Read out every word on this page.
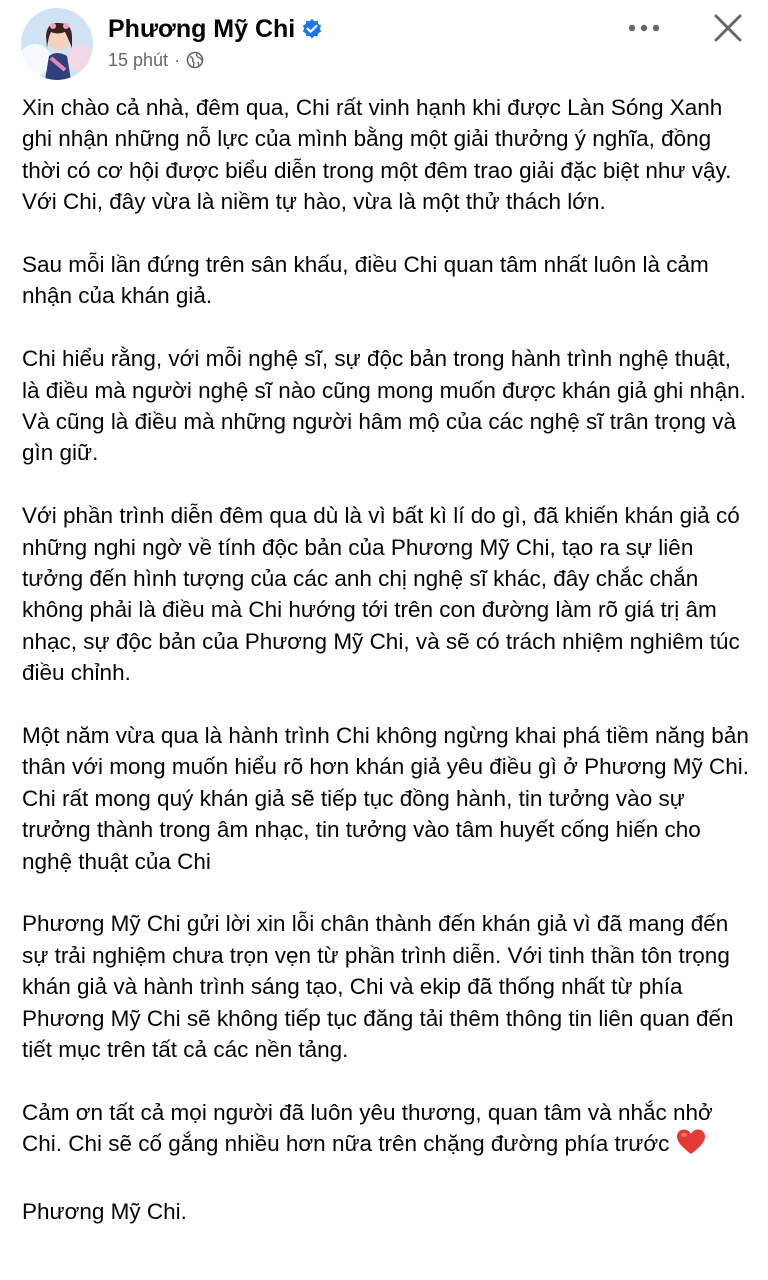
Phương Mỹ Chi
15 phút ·

Xin chào cả nhà, đêm qua, Chi rất vinh hạnh khi được Làn Sóng Xanh ghi nhận những nỗ lực của mình bằng một giải thưởng ý nghĩa, đồng thời có cơ hội được biểu diễn trong một đêm trao giải đặc biệt như vậy. Với Chi, đây vừa là niềm tự hào, vừa là một thử thách lớn.

Sau mỗi lần đứng trên sân khấu, điều Chi quan tâm nhất luôn là cảm nhận của khán giả.

Chi hiểu rằng, với mỗi nghệ sĩ, sự độc bản trong hành trình nghệ thuật, là điều mà người nghệ sĩ nào cũng mong muốn được khán giả ghi nhận. Và cũng là điều mà những người hâm mộ của các nghệ sĩ trân trọng và gìn giữ.

Với phần trình diễn đêm qua dù là vì bất kì lí do gì, đã khiến khán giả có những nghi ngờ về tính độc bản của Phương Mỹ Chi, tạo ra sự liên tưởng đến hình tượng của các anh chị nghệ sĩ khác, đây chắc chắn không phải là điều mà Chi hướng tới trên con đường làm rõ giá trị âm nhạc, sự độc bản của Phương Mỹ Chi, và sẽ có trách nhiệm nghiêm túc điều chỉnh.

Một năm vừa qua là hành trình Chi không ngừng khai phá tiềm năng bản thân với mong muốn hiểu rõ hơn khán giả yêu điều gì ở Phương Mỹ Chi. Chi rất mong quý khán giả sẽ tiếp tục đồng hành, tin tưởng vào sự trưởng thành trong âm nhạc, tin tưởng vào tâm huyết cống hiến cho nghệ thuật của Chi

Phương Mỹ Chi gửi lời xin lỗi chân thành đến khán giả vì đã mang đến sự trải nghiệm chưa trọn vẹn từ phần trình diễn. Với tinh thần tôn trọng khán giả và hành trình sáng tạo, Chi và ekip đã thống nhất từ phía Phương Mỹ Chi sẽ không tiếp tục đăng tải thêm thông tin liên quan đến tiết mục trên tất cả các nền tảng.

Cảm ơn tất cả mọi người đã luôn yêu thương, quan tâm và nhắc nhở Chi. Chi sẽ cố gắng nhiều hơn nữa trên chặng đường phía trước

Phương Mỹ Chi.
